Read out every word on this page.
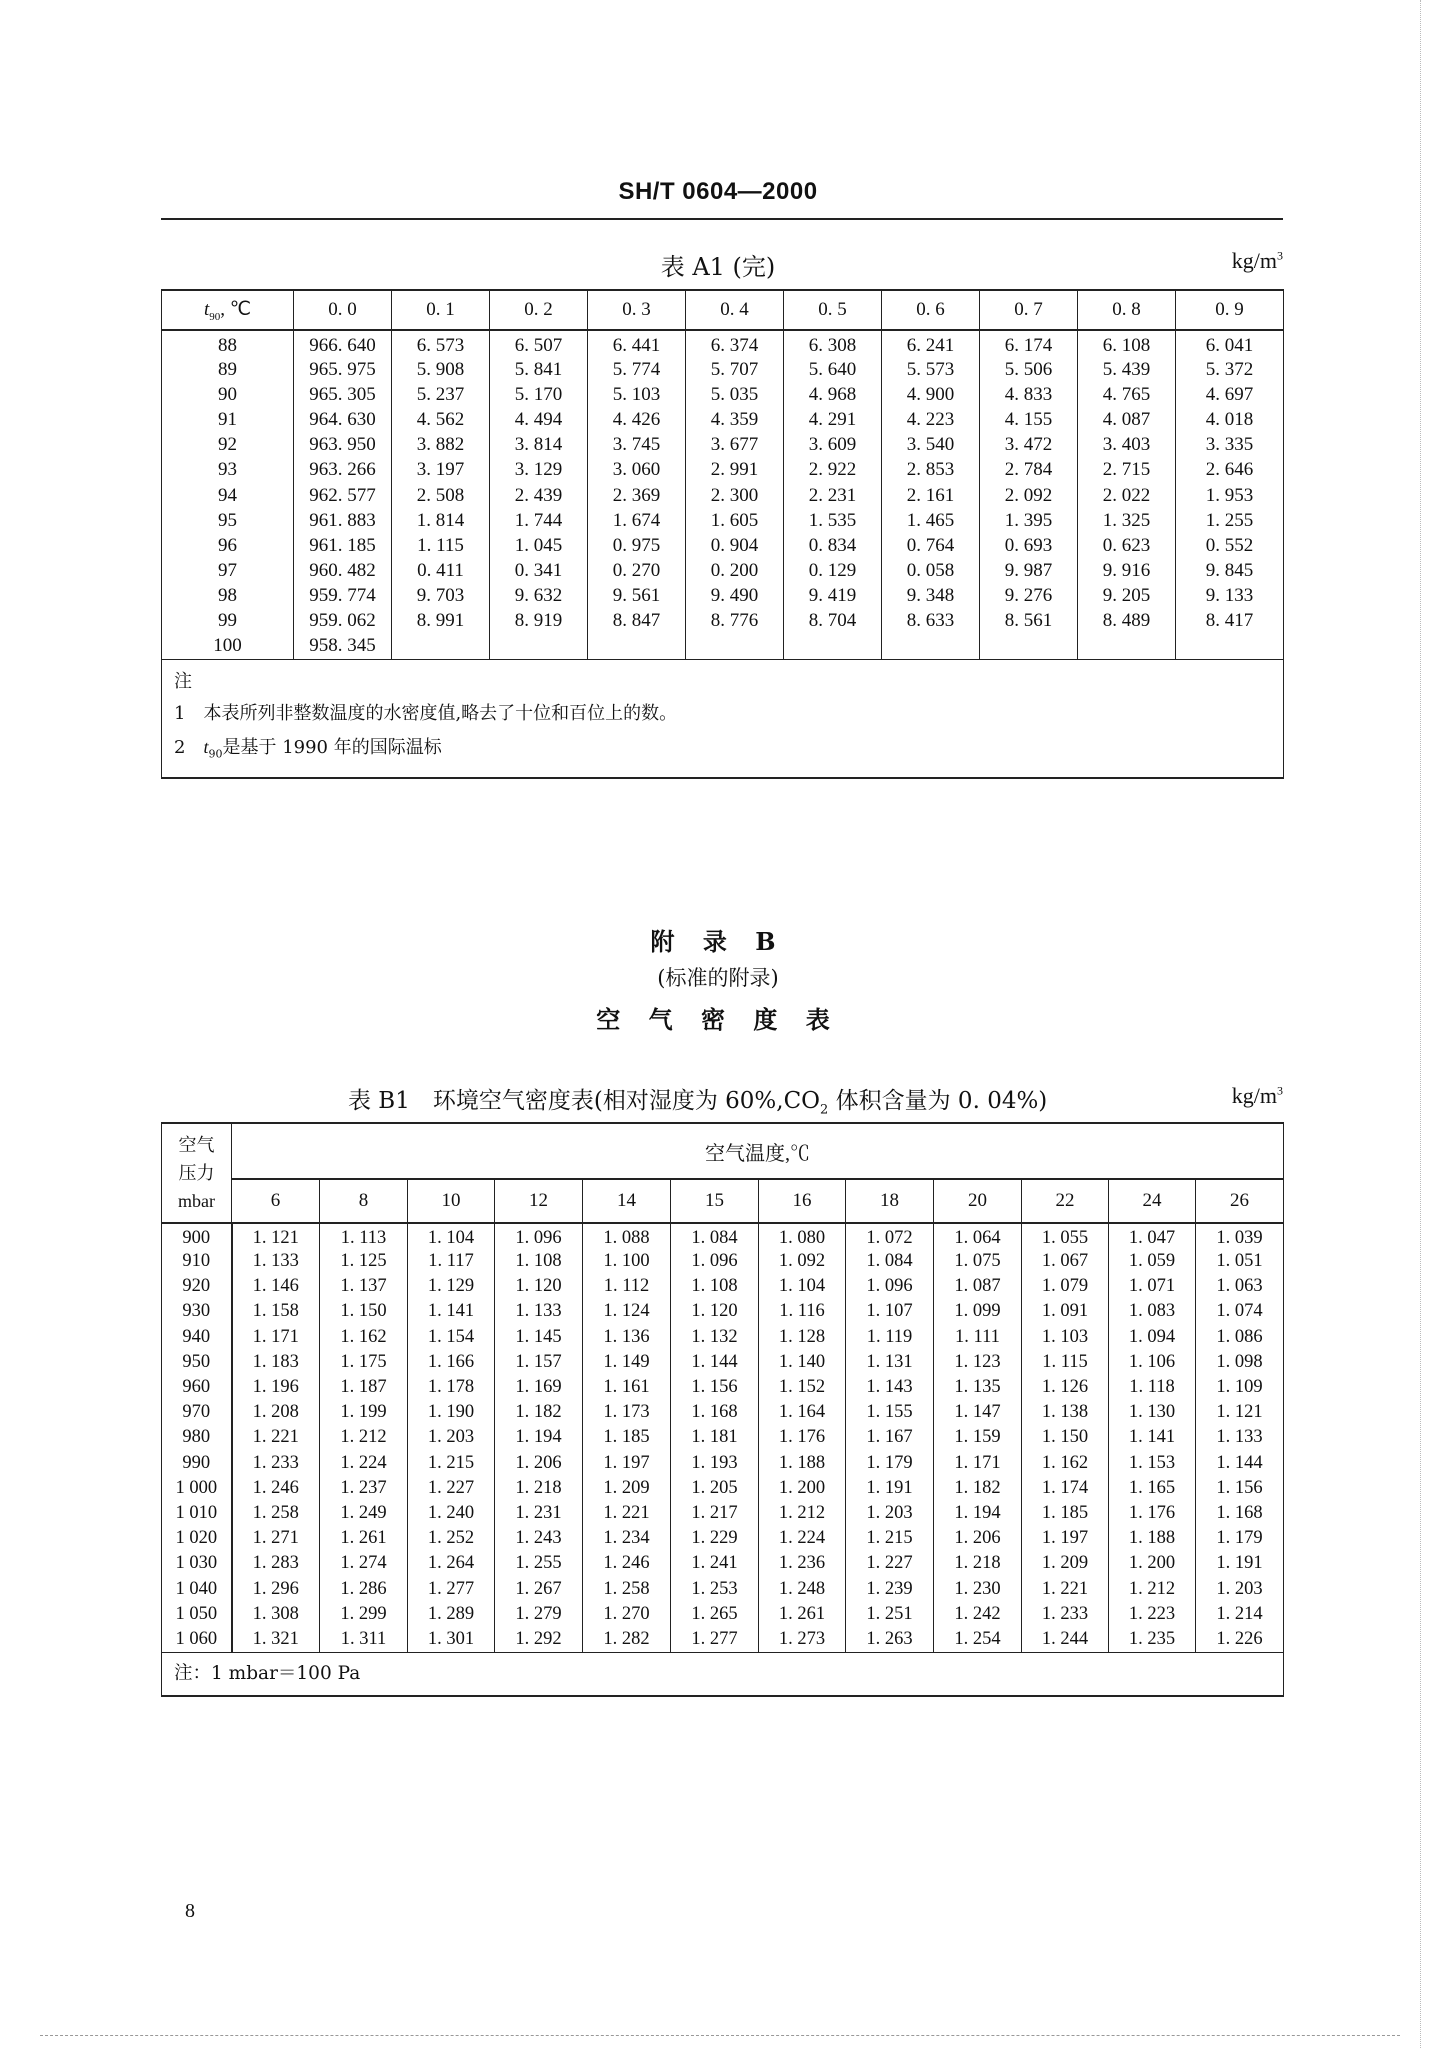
SH/T 0604—2000
表 A1 (完)	$kg/m^3$
$t_{90}$, ℃	0. 0	0. 1	0. 2	0. 3	0. 4	0. 5	0. 6	0. 7	0. 8	0. 9
88	966. 640	6. 573	6. 507	6. 441	6. 374	6. 308	6. 241	6. 174	6. 108	6. 041
89	965. 975	5. 908	5. 841	5. 774	5. 707	5. 640	5. 573	5. 506	5. 439	5. 372
90	965. 305	5. 237	5. 170	5. 103	5. 035	4. 968	4. 900	4. 833	4. 765	4. 697
91	964. 630	4. 562	4. 494	4. 426	4. 359	4. 291	4. 223	4. 155	4. 087	4. 018
92	963. 950	3. 882	3. 814	3. 745	3. 677	3. 609	3. 540	3. 472	3. 403	3. 335
93	963. 266	3. 197	3. 129	3. 060	2. 991	2. 922	2. 853	2. 784	2. 715	2. 646
94	962. 577	2. 508	2. 439	2. 369	2. 300	2. 231	2. 161	2. 092	2. 022	1. 953
95	961. 883	1. 814	1. 744	1. 674	1. 605	1. 535	1. 465	1. 395	1. 325	1. 255
96	961. 185	1. 115	1. 045	0. 975	0. 904	0. 834	0. 764	0. 693	0. 623	0. 552
97	960. 482	0. 411	0. 341	0. 270	0. 200	0. 129	0. 058	9. 987	9. 916	9. 845
98	959. 774	9. 703	9. 632	9. 561	9. 490	9. 419	9. 348	9. 276	9. 205	9. 133
99	959. 062	8. 991	8. 919	8. 847	8. 776	8. 704	8. 633	8. 561	8. 489	8. 417
100	958. 345									

注
1　本表所列非整数温度的水密度值,略去了十位和百位上的数。
2　$t_{90}$是基于 1990 年的国际温标										
附 录 B
(标准的附录)
空 气 密 度 表
表 B1　环境空气密度表(相对湿度为 $60\%,CO_2$ 体积含量为 0. 04%)	$kg/m^3$
空气
压力
mbar	空气温度,℃											
	6	8	10	12	14	15	16	18	20	22	24	26
900	1. 121	1. 113	1. 104	1. 096	1. 088	1. 084	1. 080	1. 072	1. 064	1. 055	1. 047	1. 039
910	1. 133	1. 125	1. 117	1. 108	1. 100	1. 096	1. 092	1. 084	1. 075	1. 067	1. 059	1. 051
920	1. 146	1. 137	1. 129	1. 120	1. 112	1. 108	1. 104	1. 096	1. 087	1. 079	1. 071	1. 063
930	1. 158	1. 150	1. 141	1. 133	1. 124	1. 120	1. 116	1. 107	1. 099	1. 091	1. 083	1. 074
940	1. 171	1. 162	1. 154	1. 145	1. 136	1. 132	1. 128	1. 119	1. 111	1. 103	1. 094	1. 086
950	1. 183	1. 175	1. 166	1. 157	1. 149	1. 144	1. 140	1. 131	1. 123	1. 115	1. 106	1. 098
960	1. 196	1. 187	1. 178	1. 169	1. 161	1. 156	1. 152	1. 143	1. 135	1. 126	1. 118	1. 109
970	1. 208	1. 199	1. 190	1. 182	1. 173	1. 168	1. 164	1. 155	1. 147	1. 138	1. 130	1. 121
980	1. 221	1. 212	1. 203	1. 194	1. 185	1. 181	1. 176	1. 167	1. 159	1. 150	1. 141	1. 133
990	1. 233	1. 224	1. 215	1. 206	1. 197	1. 193	1. 188	1. 179	1. 171	1. 162	1. 153	1. 144
1 000	1. 246	1. 237	1. 227	1. 218	1. 209	1. 205	1. 200	1. 191	1. 182	1. 174	1. 165	1. 156
1 010	1. 258	1. 249	1. 240	1. 231	1. 221	1. 217	1. 212	1. 203	1. 194	1. 185	1. 176	1. 168
1 020	1. 271	1. 261	1. 252	1. 243	1. 234	1. 229	1. 224	1. 215	1. 206	1. 197	1. 188	1. 179
1 030	1. 283	1. 274	1. 264	1. 255	1. 246	1. 241	1. 236	1. 227	1. 218	1. 209	1. 200	1. 191
1 040	1. 296	1. 286	1. 277	1. 267	1. 258	1. 253	1. 248	1. 239	1. 230	1. 221	1. 212	1. 203
1 050	1. 308	1. 299	1. 289	1. 279	1. 270	1. 265	1. 261	1. 251	1. 242	1. 233	1. 223	1. 214
1 060	1. 321	1. 311	1. 301	1. 292	1. 282	1. 277	1. 273	1. 263	1. 254	1. 244	1. 235	1. 226
注：1 mbar＝100 Pa												
8
